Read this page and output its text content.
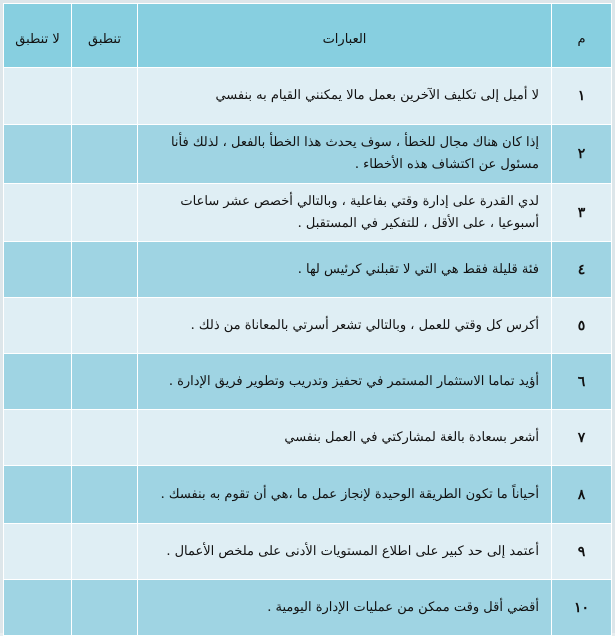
م	العبارات	تنطبق	لا تنطبق
١	لا أميل إلى تكليف الآخرين بعمل مالا يمكنني القيام به بنفسي		
٢	إذا كان هناك مجال للخطأ ، سوف يحدث هذا الخطأ بالفعل ، لذلك فأنا مسئول عن اكتشاف هذه الأخطاء .		
٣	لدي القدرة على إدارة وقتي بفاعلية ، وبالتالي أخصص عشر ساعات أسبوعيا ، على الأقل ، للتفكير في المستقبل .		
٤	فئة قليلة فقط هي التي لا تقبلني كرئيس لها .		
٥	أكرس كل وقتي للعمل ، وبالتالي تشعر أسرتي بالمعاناة من ذلك .		
٦	أؤيد تماما الاستثمار المستمر في تحفيز وتدريب وتطوير فريق الإدارة .		
٧	أشعر بسعادة بالغة لمشاركتي في العمل بنفسي		
٨	أحياناً ما تكون الطريقة الوحيدة لإنجاز عمل ما ،هي أن تقوم به بنفسك .		
٩	أعتمد إلى حد كبير على اطلاع المستويات الأدنى على ملخص الأعمال .		
١٠	أقضي أقل وقت ممكن من عمليات الإدارة اليومية .		
